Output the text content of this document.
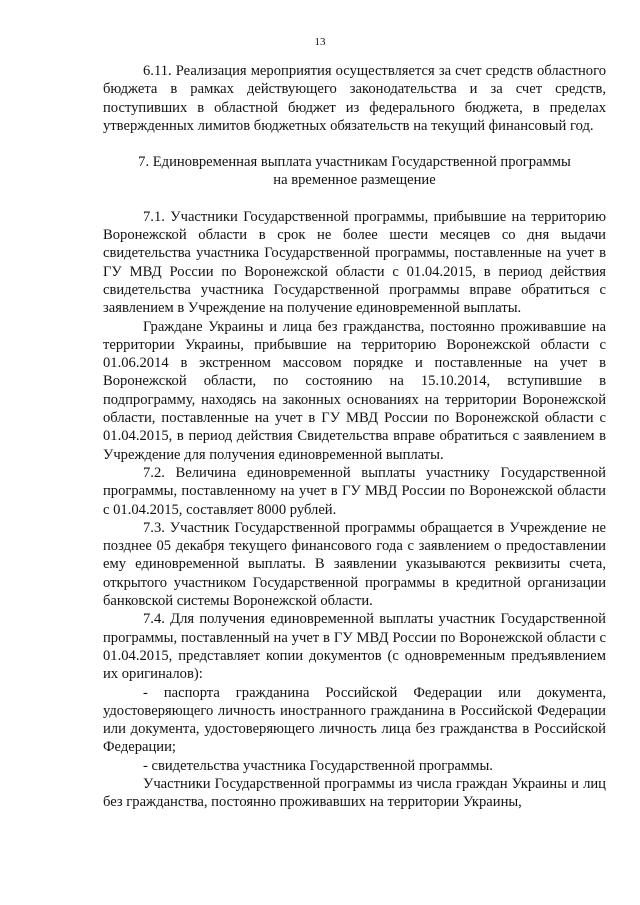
13

6.11. Реализация мероприятия осуществляется за счет средств областного бюджета в рамках действующего законодательства и за счет средств, поступивших в областной бюджет из федерального бюджета, в пределах утвержденных лимитов бюджетных обязательств на текущий финансовый год.

7. Единовременная выплата участникам Государственной программы
на временное размещение

7.1. Участники Государственной программы, прибывшие на территорию Воронежской области в срок не более шести месяцев со дня выдачи свидетельства участника Государственной программы, поставленные на учет в ГУ МВД России по Воронежской области с 01.04.2015, в период действия свидетельства участника Государственной программы вправе обратиться с заявлением в Учреждение на получение единовременной выплаты.

Граждане Украины и лица без гражданства, постоянно проживавшие на территории Украины, прибывшие на территорию Воронежской области с 01.06.2014 в экстренном массовом порядке и поставленные на учет в Воронежской области, по состоянию на 15.10.2014, вступившие в подпрограмму, находясь на законных основаниях на территории Воронежской области, поставленные на учет в ГУ МВД России по Воронежской области с 01.04.2015, в период действия Свидетельства вправе обратиться с заявлением в Учреждение для получения единовременной выплаты.

7.2. Величина единовременной выплаты участнику Государственной программы, поставленному на учет в ГУ МВД России по Воронежской области с 01.04.2015, составляет 8000 рублей.

7.3. Участник Государственной программы обращается в Учреждение не позднее 05 декабря текущего финансового года с заявлением о предоставлении ему единовременной выплаты. В заявлении указываются реквизиты счета, открытого участником Государственной программы в кредитной организации банковской системы Воронежской области.

7.4. Для получения единовременной выплаты участник Государственной программы, поставленный на учет в ГУ МВД России по Воронежской области с 01.04.2015, представляет копии документов (с одновременным предъявлением их оригиналов):

- паспорта гражданина Российской Федерации или документа, удостоверяющего личность иностранного гражданина в Российской Федерации или документа, удостоверяющего личность лица без гражданства в Российской Федерации;

- свидетельства участника Государственной программы.

Участники Государственной программы из числа граждан Украины и лиц без гражданства, постоянно проживавших на территории Украины,
